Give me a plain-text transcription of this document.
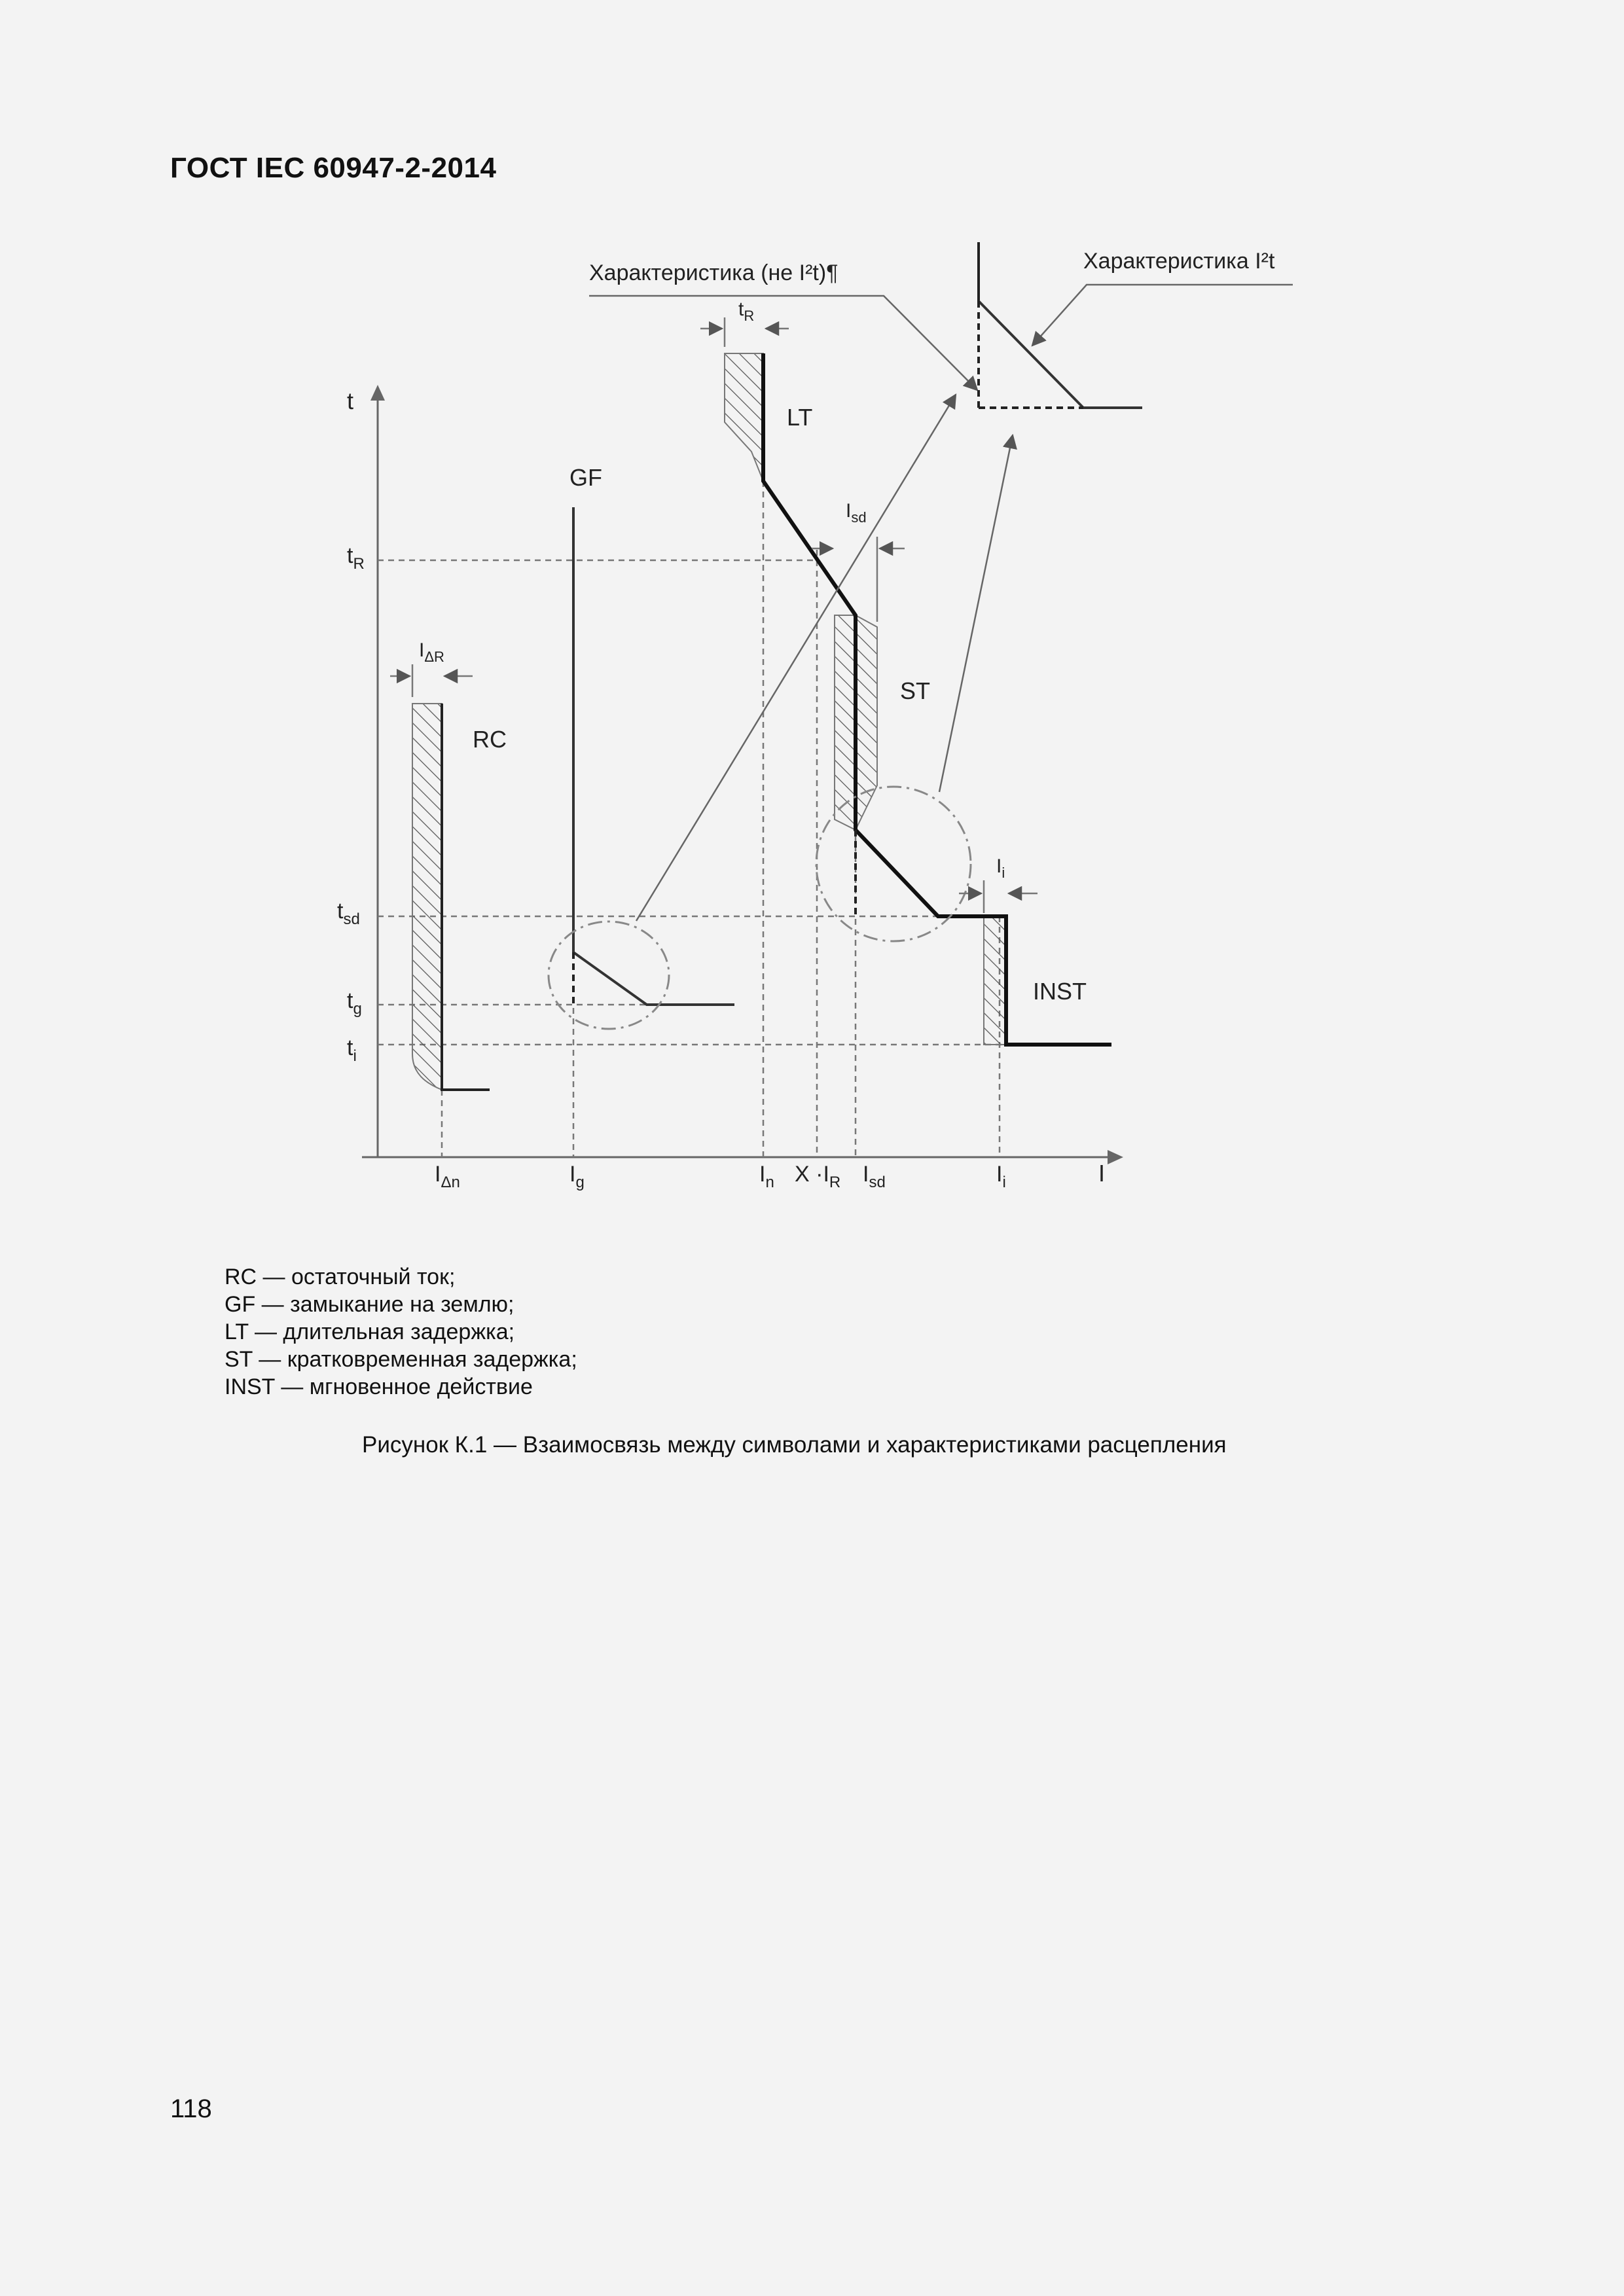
ГОСТ IEC 60947-2-2014
t
I
Характеристика (не I²t)¶	Характеристика I²t
LT
GF
RC
ST
INST
$t_R$
$I_{\Delta R}$
$I_{sd}$
$I_i$
$t_R$
$t_{sd}$
$t_g$
$t_i$
$I_{\Delta n}$	$I_g$	$I_n$ $X \cdot I_R$ $I_{sd}$	$I_i$
RC — остаточный ток;
GF — замыкание на землю;
LT — длительная задержка;
ST — кратковременная задержка;
INST — мгновенное действие
Рисунок К.1 — Взаимосвязь между символами и характеристиками расцепления
118
